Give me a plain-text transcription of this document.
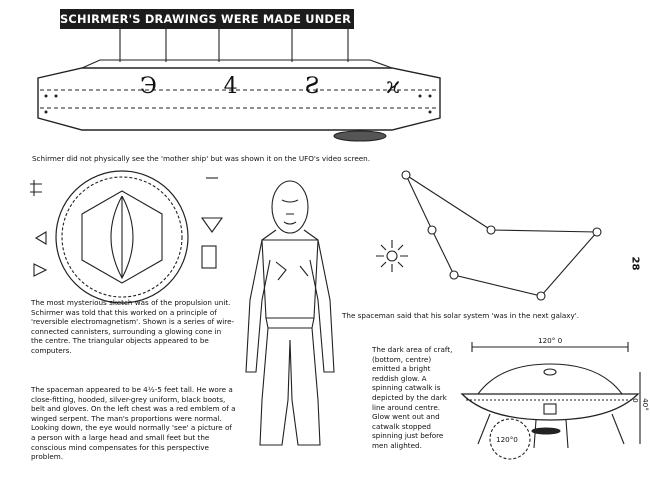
SCHIRMER'S DRAWINGS WERE MADE UNDER HYPNOSIS
Э	4	Ƨ	ϰ
Schirmer did not physically see the 'mother ship' but was shown it on the UFO's video screen.
The most mysterious sketch was of the propulsion unit. Schirmer was told that this worked on a principle of 'reversible electromagnetism'. Shown is a series of wire-connected cannisters, surrounding a glowing cone in the centre. The triangular objects appeared to be computers.
The spaceman appeared to be 4½-5 feet tall. He wore a close-fitting, hooded, silver-grey uniform, black boots, belt and gloves. On the left chest was a red emblem of a winged serpent. The man's proportions were normal. Looking down, the eye would normally 'see' a picture of a person with a large head and small feet but the conscious mind compensates for this perspective problem.
The spaceman said that his solar system 'was in the next galaxy'.
120° 0
40° 0
120°0
The dark area of craft, (bottom, centre) emitted a bright reddish glow. A spinning catwalk is depicted by the dark line around centre. Glow went out and catwalk stopped spinning just before men alighted.
28
